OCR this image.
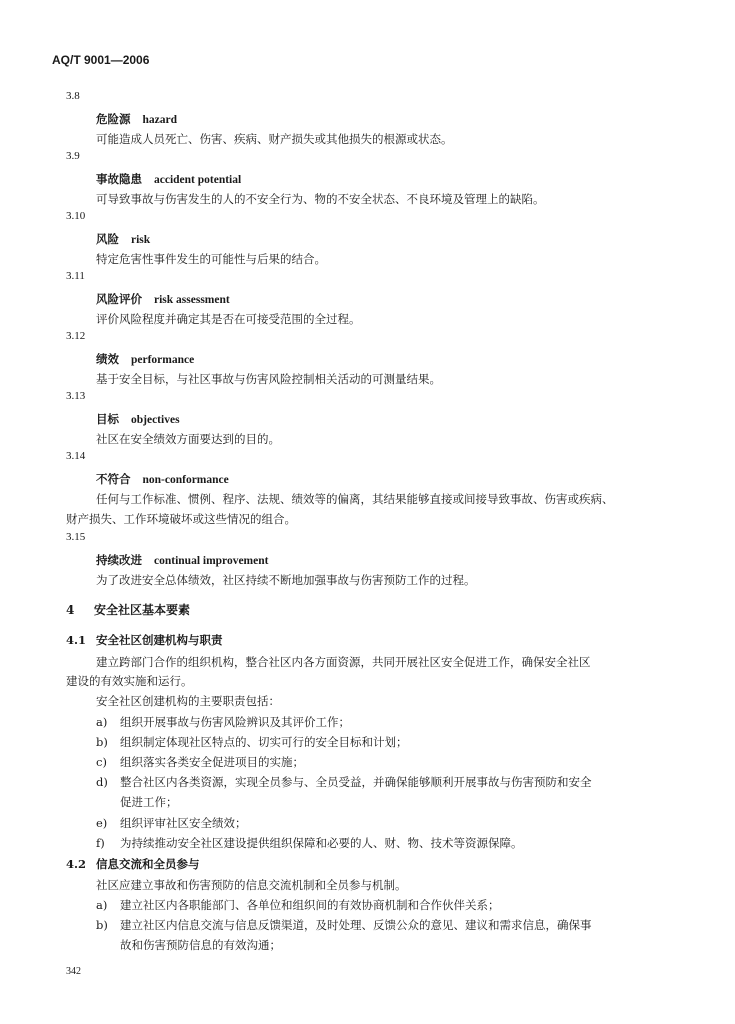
AQ/T 9001—2006
3.8
危险源 hazard
可能造成人员死亡、伤害、疾病、财产损失或其他损失的根源或状态。
3.9
事故隐患 accident potential
可导致事故与伤害发生的人的不安全行为、物的不安全状态、不良环境及管理上的缺陷。
3.10
风险 risk
特定危害性事件发生的可能性与后果的结合。
3.11
风险评价 risk assessment
评价风险程度并确定其是否在可接受范围的全过程。
3.12
绩效 performance
基于安全目标，与社区事故与伤害风险控制相关活动的可测量结果。
3.13
目标 objectives
社区在安全绩效方面要达到的目的。
3.14
不符合 non-conformance
任何与工作标准、惯例、程序、法规、绩效等的偏离，其结果能够直接或间接导致事故、伤害或疾病、
财产损失、工作环境破坏或这些情况的组合。
3.15
持续改进 continual improvement
为了改进安全总体绩效，社区持续不断地加强事故与伤害预防工作的过程。
4 安全社区基本要素
4.1 安全社区创建机构与职责
建立跨部门合作的组织机构，整合社区内各方面资源，共同开展社区安全促进工作，确保安全社区
建设的有效实施和运行。
安全社区创建机构的主要职责包括：
a) 组织开展事故与伤害风险辨识及其评价工作；
b) 组织制定体现社区特点的、切实可行的安全目标和计划；
c) 组织落实各类安全促进项目的实施；
d) 整合社区内各类资源，实现全员参与、全员受益，并确保能够顺利开展事故与伤害预防和安全
促进工作；
e) 组织评审社区安全绩效；
f) 为持续推动安全社区建设提供组织保障和必要的人、财、物、技术等资源保障。
4.2 信息交流和全员参与
社区应建立事故和伤害预防的信息交流机制和全员参与机制。
a) 建立社区内各职能部门、各单位和组织间的有效协商机制和合作伙伴关系；
b) 建立社区内信息交流与信息反馈渠道，及时处理、反馈公众的意见、建议和需求信息，确保事
故和伤害预防信息的有效沟通；
342
